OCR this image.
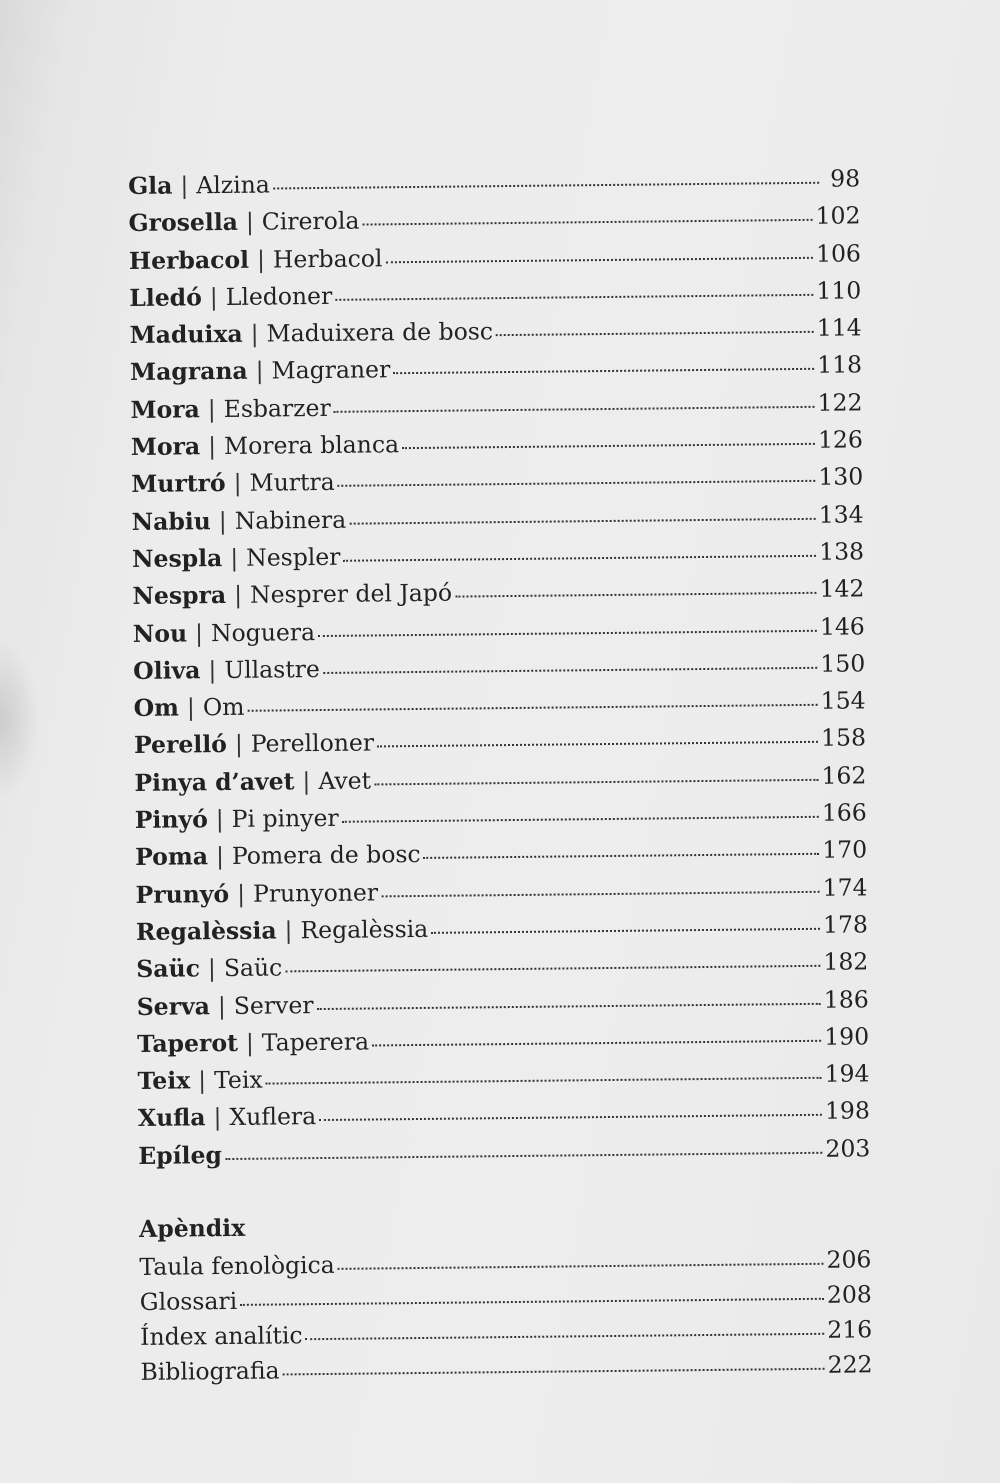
Gla | Alzina	98
Grosella | Cirerola	102
Herbacol | Herbacol	106
Lledó | Lledoner	110
Maduixa | Maduixera de bosc	114
Magrana | Magraner	118
Mora | Esbarzer	122
Mora | Morera blanca	126
Murtró | Murtra	130
Nabiu | Nabinera	134
Nespla | Nespler	138
Nespra | Nesprer del Japó	142
Nou | Noguera	146
Oliva | Ullastre	150
Om | Om	154
Perelló | Perelloner	158
Pinya d’avet | Avet	162
Pinyó | Pi pinyer	166
Poma | Pomera de bosc	170
Prunyó | Prunyoner	174
Regalèssia | Regalèssia	178
Saüc | Saüc	182
Serva | Server	186
Taperot | Taperera	190
Teix | Teix	194
Xufla | Xuflera	198
Epíleg	203
Apèndix
Taula fenològica	206
Glossari	208
Índex analític	216
Bibliografia	222
